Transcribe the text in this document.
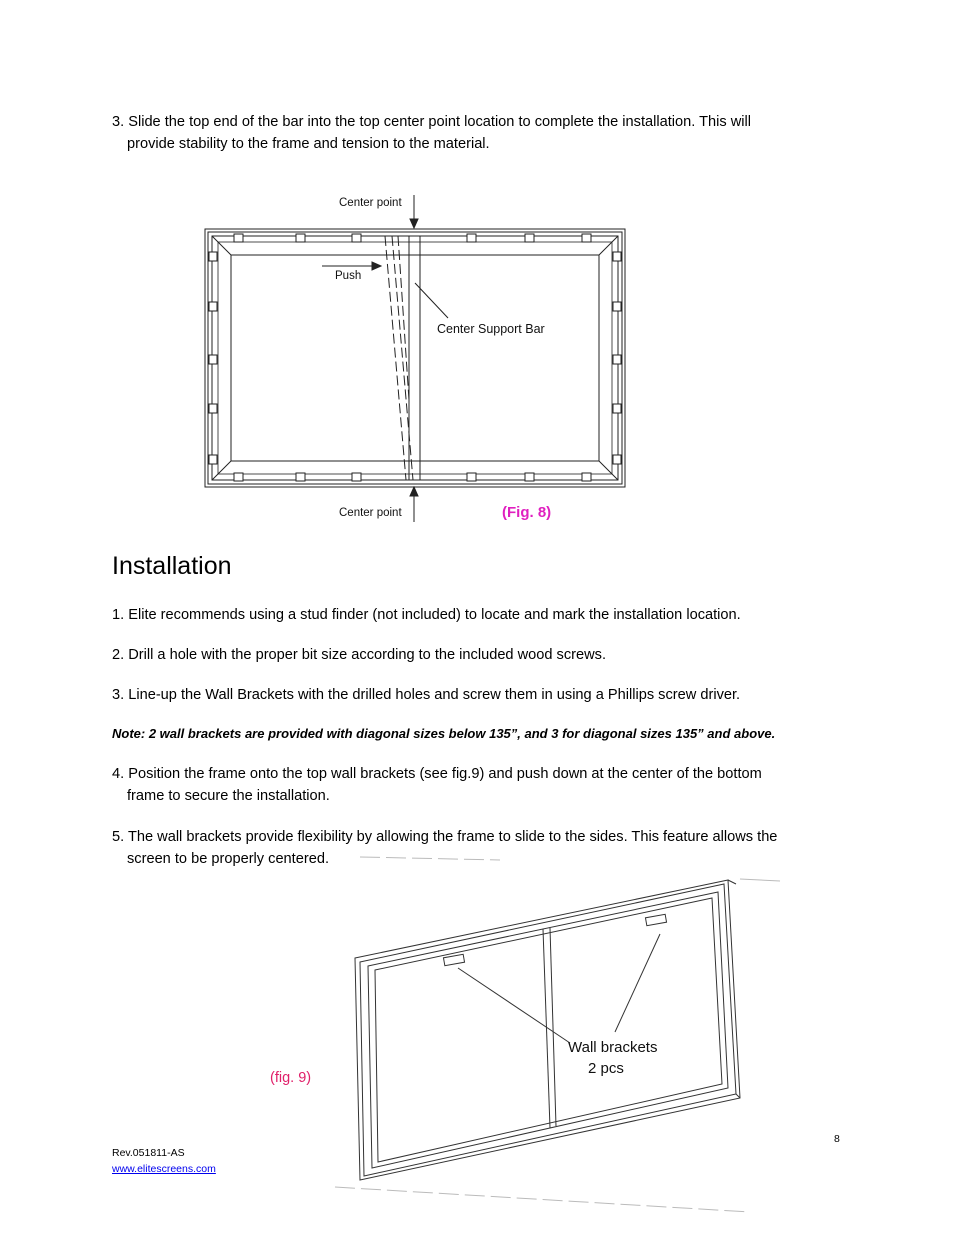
3. Slide the top end of the bar into the top center point location to complete the installation. This will
provide stability to the frame and tension to the material.

Center point
Push
Center Support Bar
Center point	(Fig. 8)
Installation

1. Elite recommends using a stud finder (not included) to locate and mark the installation location.

2. Drill a hole with the proper bit size according to the included wood screws.

3. Line-up the Wall Brackets with the drilled holes and screw them in using a Phillips screw driver.

Note: 2 wall brackets are provided with diagonal sizes below 135”, and 3 for diagonal sizes 135” and above.

4. Position the frame onto the top wall brackets (see fig.9) and push down at the center of the bottom
frame to secure the installation.

5. The wall brackets provide flexibility by allowing the frame to slide to the sides. This feature allows the
screen to be properly centered.

Wall brackets
2 pcs
(fig. 9)
8
Rev.051811-AS
www.elitescreens.com
